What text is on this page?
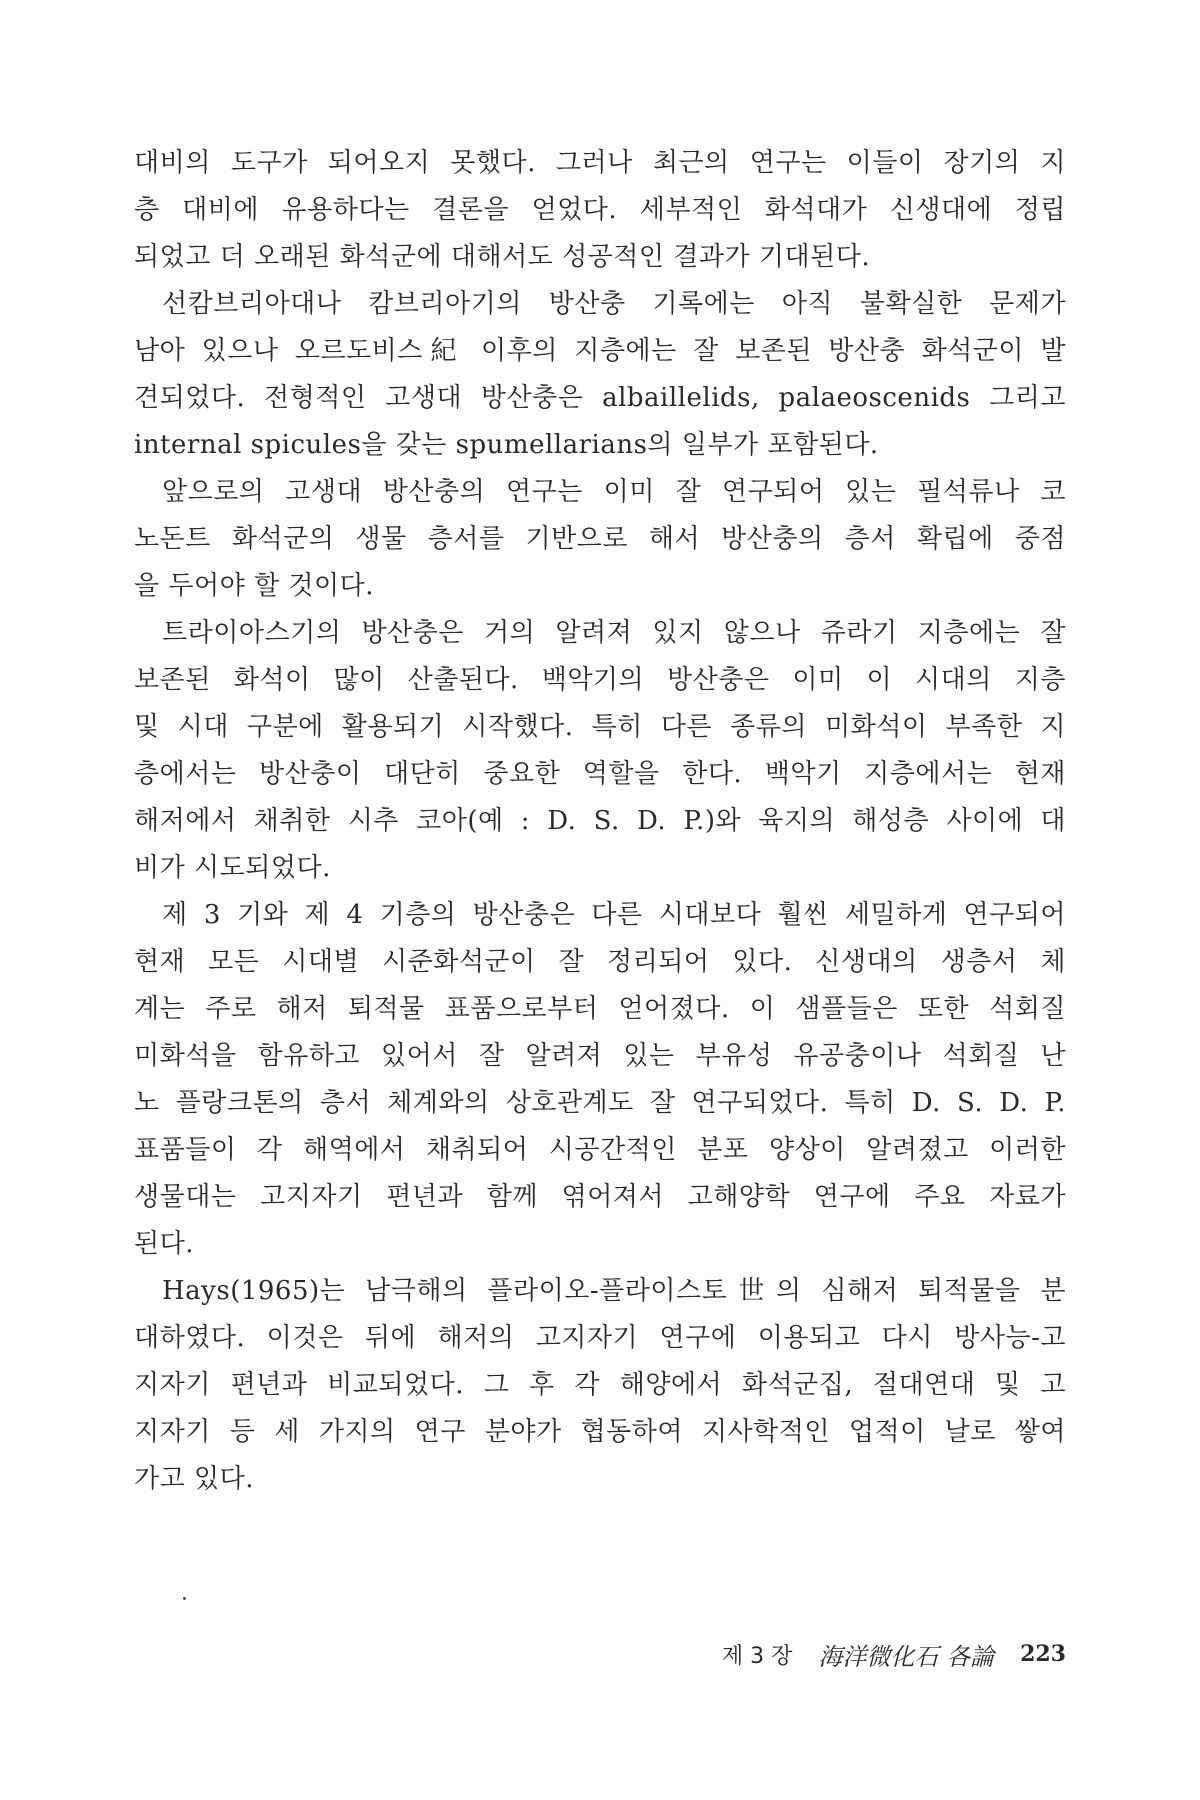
대비의 도구가 되어오지 못했다. 그러나 최근의 연구는 이들이 장기의 지
층 대비에 유용하다는 결론을 얻었다. 세부적인 화석대가 신생대에 정립
되었고 더 오래된 화석군에 대해서도 성공적인 결과가 기대된다.
선캄브리아대나 캄브리아기의 방산충 기록에는 아직 불확실한 문제가
남아 있으나 오르도비스紀 이후의 지층에는 잘 보존된 방산충 화석군이 발
견되었다. 전형적인 고생대 방산충은 albaillelids, palaeoscenids 그리고
internal spicules을 갖는 spumellarians의 일부가 포함된다.
앞으로의 고생대 방산충의 연구는 이미 잘 연구되어 있는 필석류나 코
노돈트 화석군의 생물 층서를 기반으로 해서 방산충의 층서 확립에 중점
을 두어야 할 것이다.
트라이아스기의 방산충은 거의 알려져 있지 않으나 쥬라기 지층에는 잘
보존된 화석이 많이 산출된다. 백악기의 방산충은 이미 이 시대의 지층
및 시대 구분에 활용되기 시작했다. 특히 다른 종류의 미화석이 부족한 지
층에서는 방산충이 대단히 중요한 역할을 한다. 백악기 지층에서는 현재
해저에서 채취한 시추 코아(예 : D. S. D. P.)와 육지의 해성층 사이에 대
비가 시도되었다.
제 3 기와 제 4 기층의 방산충은 다른 시대보다 훨씬 세밀하게 연구되어
현재 모든 시대별 시준화석군이 잘 정리되어 있다. 신생대의 생층서 체
계는 주로 해저 퇴적물 표품으로부터 얻어졌다. 이 샘플들은 또한 석회질
미화석을 함유하고 있어서 잘 알려져 있는 부유성 유공충이나 석회질 난
노 플랑크톤의 층서 체계와의 상호관계도 잘 연구되었다. 특히 D. S. D. P.
표품들이 각 해역에서 채취되어 시공간적인 분포 양상이 알려졌고 이러한
생물대는 고지자기 편년과 함께 엮어져서 고해양학 연구에 주요 자료가
된다.
Hays(1965)는 남극해의 플라이오-플라이스토世의 심해저 퇴적물을 분
대하였다. 이것은 뒤에 해저의 고지자기 연구에 이용되고 다시 방사능-고
지자기 편년과 비교되었다. 그 후 각 해양에서 화석군집, 절대연대 및 고
지자기 등 세 가지의 연구 분야가 협동하여 지사학적인 업적이 날로 쌓여
가고 있다.
제 3 장 海洋微化石 各論 223
